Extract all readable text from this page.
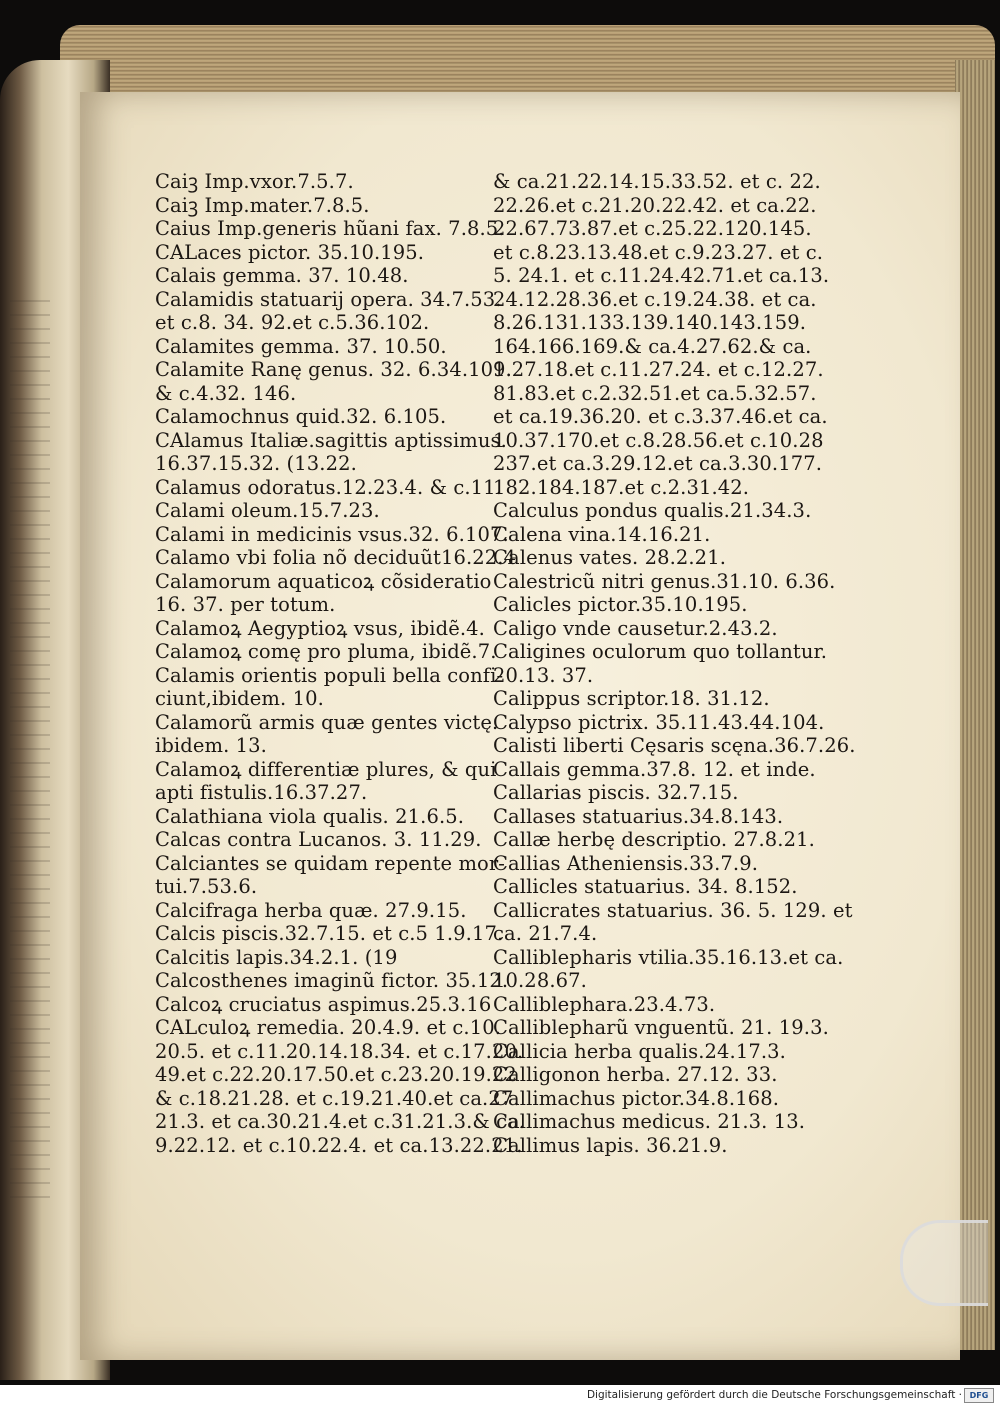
Caiꝫ Imp.vxor.7.5.7.
Caiꝫ Imp.mater.7.8.5.
Caius Imp.generis hũani fax. 7.8.5.
CALaces pictor. 35.10.195.
Calais gemma. 37. 10.48.
Calamidis statuarij opera. 34.7.53.
et c.8. 34. 92.et c.5.36.102.
Calamites gemma. 37. 10.50.
Calamite Ranę genus. 32. 6.34.101.
& c.4.32. 146.
Calamochnus quid.32. 6.105.
CAlamus Italiæ.sagittis aptissimus.
16.37.15.32. (13.22.
Calamus odoratus.12.23.4. & c.11.
Calami oleum.15.7.23.
Calami in medicinis vsus.32. 6.107.
Calamo vbi folia nõ deciduũt16.22.4
Calamorum aquaticoꝝ cõsideratio
16. 37. per totum.
Calamoꝝ Aegyptioꝝ vsus, ibidẽ.4.
Calamoꝝ comę pro pluma, ibidẽ.7.
Calamis orientis populi bella confi-
ciunt,ibidem. 10.
Calamorũ armis quæ gentes victę.
ibidem. 13.
Calamoꝝ differentiæ plures, & qui
apti fistulis.16.37.27.
Calathiana viola qualis. 21.6.5.
Calcas contra Lucanos. 3. 11.29.
Calciantes se quidam repente mor-
tui.7.53.6.
Calcifraga herba quæ. 27.9.15.
Calcis piscis.32.7.15. et c.5 1.9.17.
Calcitis lapis.34.2.1. (19
Calcosthenes imaginũ fictor. 35.12.
Calcoꝝ cruciatus aspimus.25.3.16
CALculoꝝ remedia. 20.4.9. et c.10.
20.5. et c.11.20.14.18.34. et c.17.20.
49.et c.22.20.17.50.et c.23.20.19.22
& c.18.21.28. et c.19.21.40.et ca.27.
21.3. et ca.30.21.4.et c.31.21.3.& ca.
9.22.12. et c.10.22.4. et ca.13.22.21.
& ca.21.22.14.15.33.52. et c. 22.
22.26.et c.21.20.22.42. et ca.22.
22.67.73.87.et c.25.22.120.145.
et c.8.23.13.48.et c.9.23.27. et c.
5. 24.1. et c.11.24.42.71.et ca.13.
24.12.28.36.et c.19.24.38. et ca.
8.26.131.133.139.140.143.159.
164.166.169.& ca.4.27.62.& ca.
9.27.18.et c.11.27.24. et c.12.27.
81.83.et c.2.32.51.et ca.5.32.57.
et ca.19.36.20. et c.3.37.46.et ca.
10.37.170.et c.8.28.56.et c.10.28
237.et ca.3.29.12.et ca.3.30.177.
182.184.187.et c.2.31.42.
Calculus pondus qualis.21.34.3.
Calena vina.14.16.21.
Calenus vates. 28.2.21.
Calestricũ nitri genus.31.10. 6.36.
Calicles pictor.35.10.195.
Caligo vnde causetur.2.43.2.
Caligines oculorum quo tollantur.
20.13. 37.
Calippus scriptor.18. 31.12.
Calypso pictrix. 35.11.43.44.104.
Calisti liberti Cęsaris scęna.36.7.26.
Callais gemma.37.8. 12. et inde.
Callarias piscis. 32.7.15.
Callases statuarius.34.8.143.
Callæ herbę descriptio. 27.8.21.
Callias Atheniensis.33.7.9.
Callicles statuarius. 34. 8.152.
Callicrates statuarius. 36. 5. 129. et
ca. 21.7.4.
Calliblepharis vtilia.35.16.13.et ca.
10.28.67.
Calliblephara.23.4.73.
Calliblepharũ vnguentũ. 21. 19.3.
Callicia herba qualis.24.17.3.
Calligonon herba. 27.12. 33.
Callimachus pictor.34.8.168.
Callimachus medicus. 21.3. 13.
Callimus lapis. 36.21.9.
Digitalisierung gefördert durch die Deutsche Forschungsgemeinschaft · DFG
